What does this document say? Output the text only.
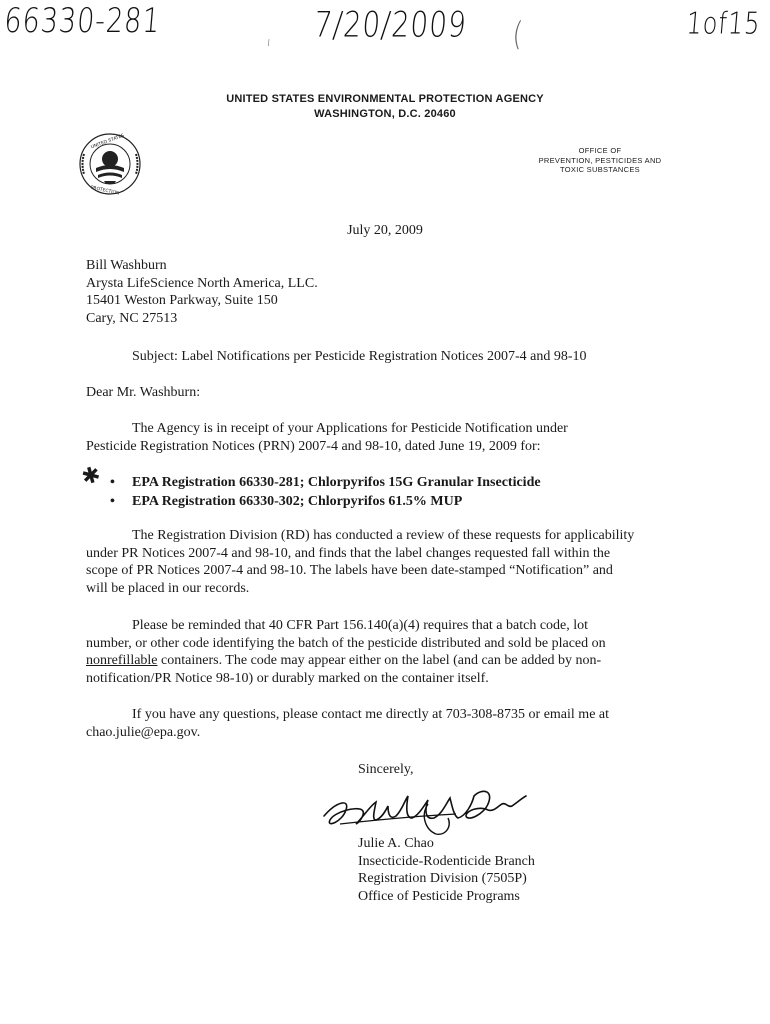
66330-281	7/20/2009	1of15
ı	(
UNITED STATES ENVIRONMENTAL PROTECTION AGENCY
WASHINGTON, D.C. 20460
UNITED STATES
PROTECTION
OFFICE OF
PREVENTION, PESTICIDES AND
TOXIC SUBSTANCES
July 20, 2009
Bill Washburn
Arysta LifeScience North America, LLC.
15401 Weston Parkway, Suite 150
Cary, NC 27513
Subject: Label Notifications per Pesticide Registration Notices 2007-4 and 98-10
Dear Mr. Washburn:
The Agency is in receipt of your Applications for Pesticide Notification under
Pesticide Registration Notices (PRN) 2007-4 and 98-10, dated June 19, 2009 for:
✱ • EPA Registration 66330-281; Chlorpyrifos 15G Granular Insecticide
• EPA Registration 66330-302; Chlorpyrifos 61.5% MUP
The Registration Division (RD) has conducted a review of these requests for applicability
under PR Notices 2007-4 and 98-10, and finds that the label changes requested fall within the
scope of PR Notices 2007-4 and 98-10. The labels have been date-stamped “Notification” and
will be placed in our records.
Please be reminded that 40 CFR Part 156.140(a)(4) requires that a batch code, lot
number, or other code identifying the batch of the pesticide distributed and sold be placed on
nonrefillable containers. The code may appear either on the label (and can be added by non-
notification/PR Notice 98-10) or durably marked on the container itself.
If you have any questions, please contact me directly at 703-308-8735 or email me at
chao.julie@epa.gov.
Sincerely,
Julie A. Chao
Insecticide-Rodenticide Branch
Registration Division (7505P)
Office of Pesticide Programs
